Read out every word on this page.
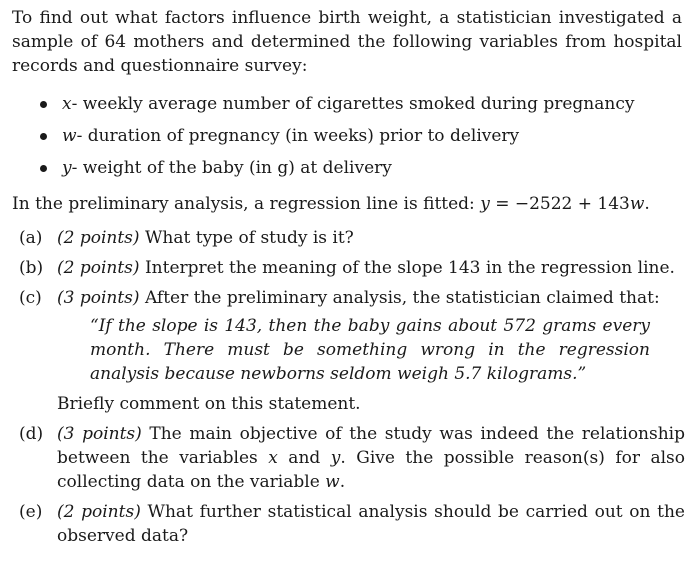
To find out what factors influence birth weight, a statistician investigated a sample of 64 mothers and determined the following variables from hospital records and questionnaire survey:

x- weekly average number of cigarettes smoked during pregnancy
w- duration of pregnancy (in weeks) prior to delivery
y- weight of the baby (in g) at delivery
In the preliminary analysis, a regression line is fitted: y = −2522 + 143w.
(a) (2 points) What type of study is it?
(b) (2 points) Interpret the meaning of the slope 143 in the regression line.
(c) (3 points) After the preliminary analysis, the statistician claimed that:
“If the slope is 143, then the baby gains about 572 grams every month. There must be something wrong in the regression analysis because newborns seldom weigh 5.7 kilograms.”
Briefly comment on this statement.
(d) (3 points) The main objective of the study was indeed the relationship between the variables x and y. Give the possible reason(s) for also collecting data on the variable w.
(e) (2 points) What further statistical analysis should be carried out on the observed data?
